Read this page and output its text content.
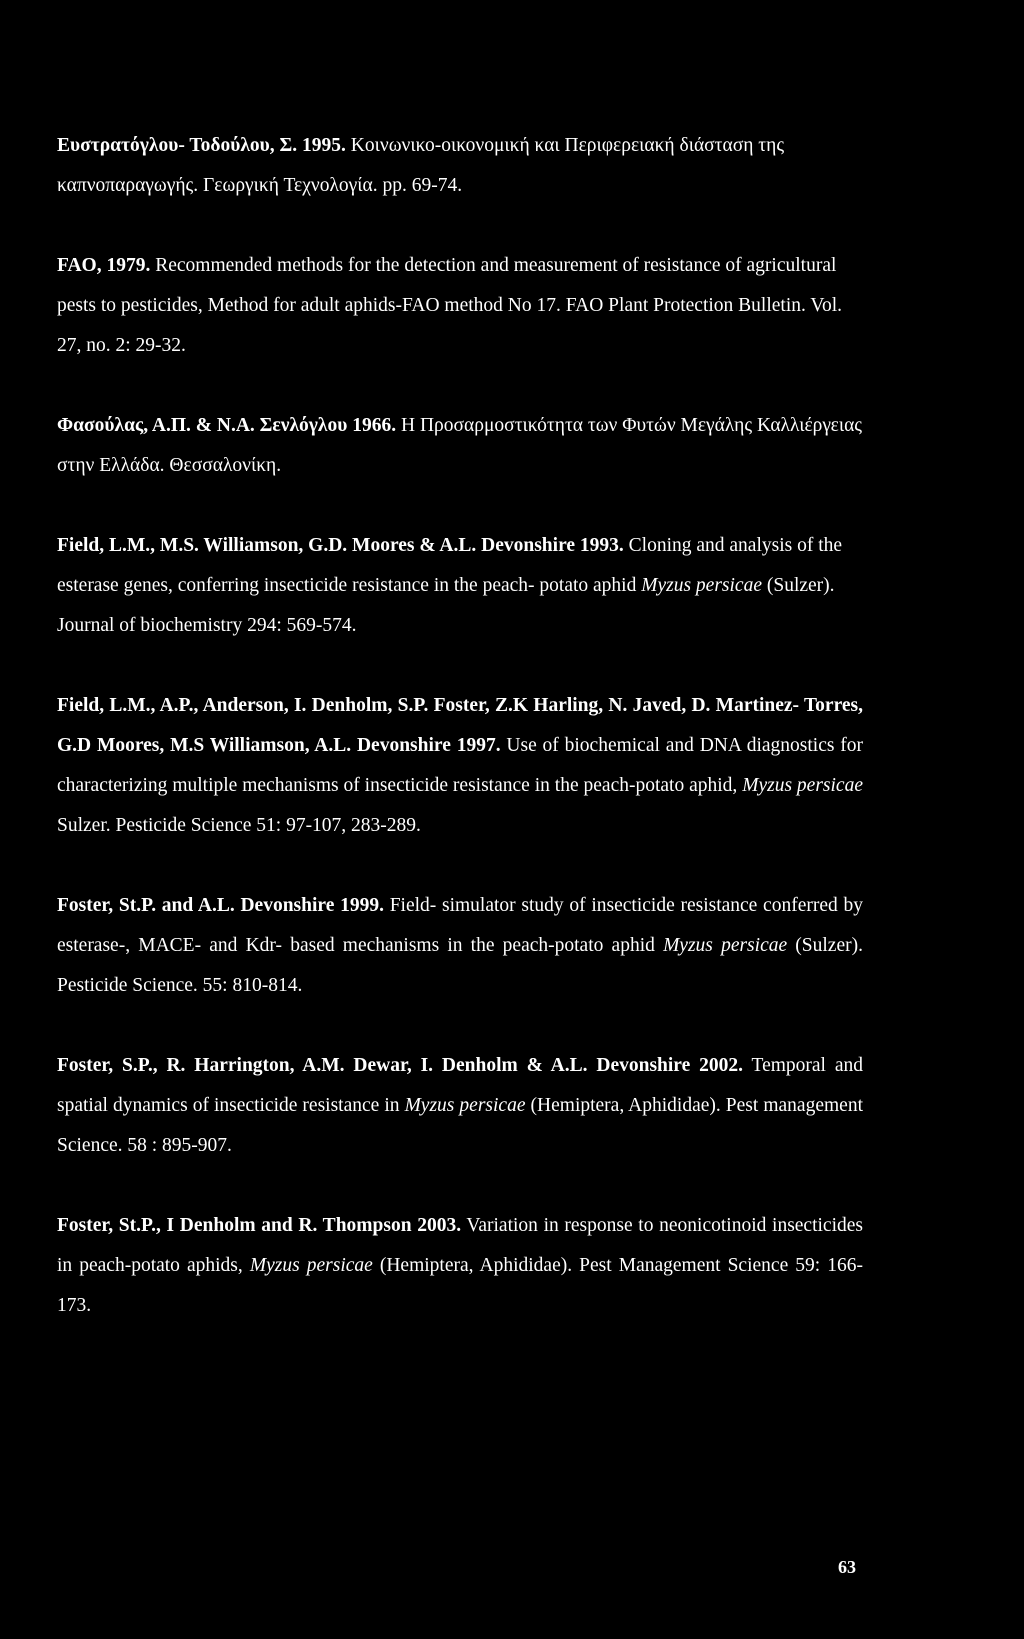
Ευστρατόγλου- Τοδούλου, Σ. 1995. Κοινωνικο-οικονομική και Περιφερειακή διάσταση της καπνοπαραγωγής. Γεωργική Τεχνολογία. pp. 69-74.

FAO, 1979. Recommended methods for the detection and measurement of resistance of agricultural pests to pesticides, Method for adult aphids-FAO method No 17. FAO Plant Protection Bulletin. Vol. 27, no. 2: 29-32.

Φασούλας, Α.Π. & Ν.Α. Σενλόγλου 1966. Η Προσαρμοστικότητα των Φυτών Μεγάλης Καλλιέργειας στην Ελλάδα. Θεσσαλονίκη.

Field, L.M., M.S. Williamson, G.D. Moores & A.L. Devonshire 1993. Cloning and analysis of the esterase genes, conferring insecticide resistance in the peach- potato aphid Myzus persicae (Sulzer). Journal of biochemistry 294: 569-574.

Field, L.M., A.P., Anderson, I. Denholm, S.P. Foster, Z.K Harling, N. Javed, D. Martinez- Torres, G.D Moores, M.S Williamson, A.L. Devonshire 1997. Use of biochemical and DNA diagnostics for characterizing multiple mechanisms of insecticide resistance in the peach-potato aphid, Myzus persicae Sulzer. Pesticide Science 51: 97-107, 283-289.

Foster, St.P. and A.L. Devonshire 1999. Field- simulator study of insecticide resistance conferred by esterase-, MACE- and Kdr- based mechanisms in the peach-potato aphid Myzus persicae (Sulzer). Pesticide Science. 55: 810-814.

Foster, S.P., R. Harrington, A.M. Dewar, I. Denholm & A.L. Devonshire 2002. Temporal and spatial dynamics of insecticide resistance in Myzus persicae (Hemiptera, Aphididae). Pest management Science. 58 : 895-907.

Foster, St.P., I Denholm and R. Thompson 2003. Variation in response to neonicotinoid insecticides in peach-potato aphids, Myzus persicae (Hemiptera, Aphididae). Pest Management Science 59: 166-173.

63
